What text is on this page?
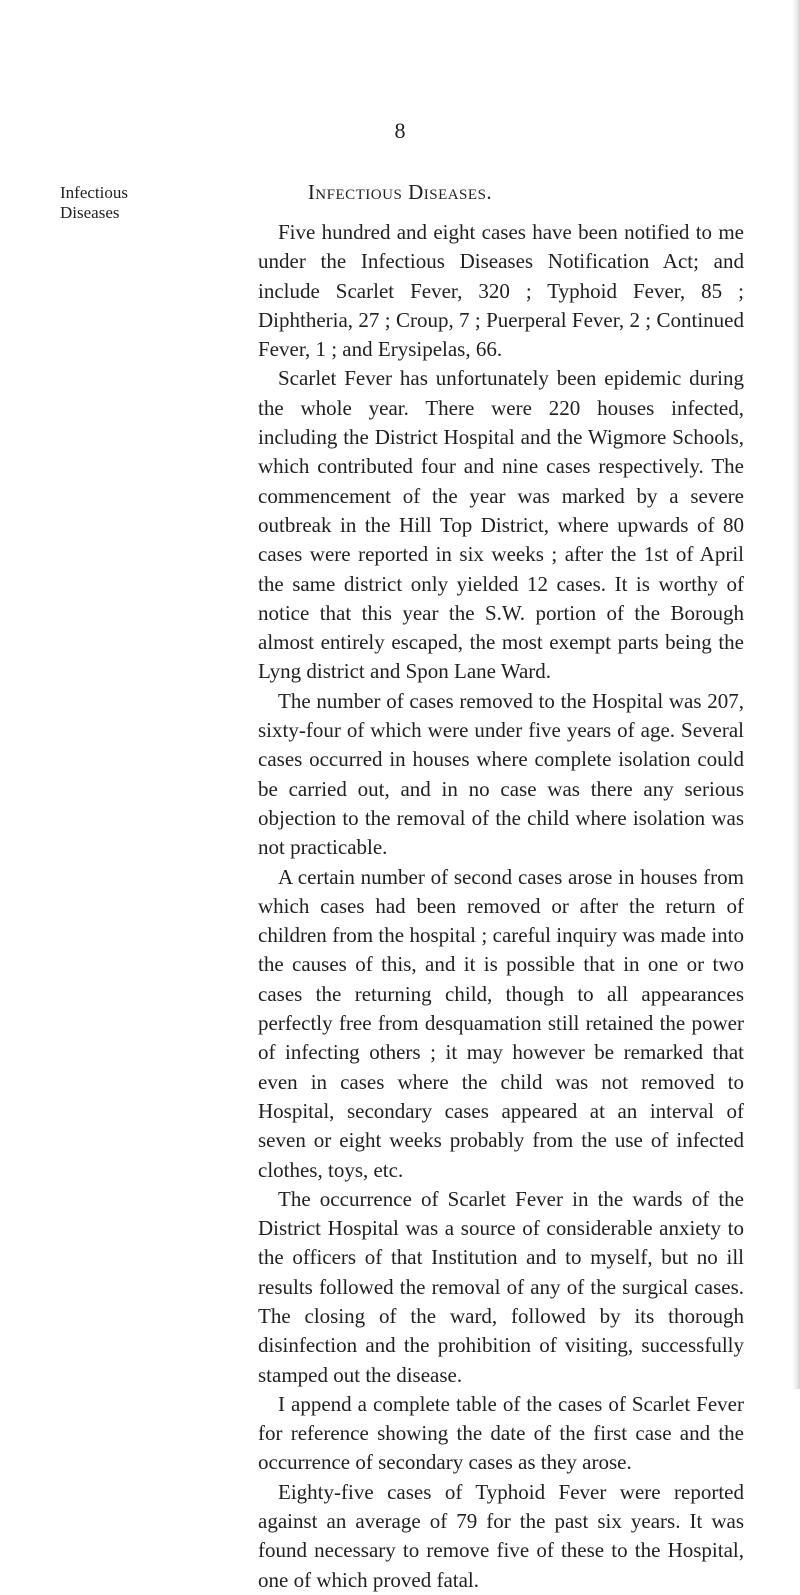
8
Infectious
Diseases
Infectious Diseases.

Five hundred and eight cases have been notified to me under the Infectious Diseases Notification Act; and include Scarlet Fever, 320 ; Typhoid Fever, 85 ; Diphtheria, 27 ; Croup, 7 ; Puerperal Fever, 2 ; Continued Fever, 1 ; and Erysipelas, 66.

Scarlet Fever has unfortunately been epidemic during the whole year. There were 220 houses infected, including the District Hospital and the Wigmore Schools, which contributed four and nine cases respectively. The commencement of the year was marked by a severe outbreak in the Hill Top District, where upwards of 80 cases were reported in six weeks ; after the 1st of April the same district only yielded 12 cases. It is worthy of notice that this year the S.W. portion of the Borough almost entirely escaped, the most exempt parts being the Lyng district and Spon Lane Ward.

The number of cases removed to the Hospital was 207, sixty-four of which were under five years of age. Several cases occurred in houses where complete isolation could be carried out, and in no case was there any serious objection to the removal of the child where isolation was not practicable.

A certain number of second cases arose in houses from which cases had been removed or after the return of children from the hospital ; careful inquiry was made into the causes of this, and it is possible that in one or two cases the returning child, though to all appearances perfectly free from desquamation still retained the power of infecting others ; it may however be remarked that even in cases where the child was not removed to Hospital, secondary cases appeared at an interval of seven or eight weeks probably from the use of infected clothes, toys, etc.

The occurrence of Scarlet Fever in the wards of the District Hospital was a source of considerable anxiety to the officers of that Institution and to myself, but no ill results followed the removal of any of the surgical cases. The closing of the ward, followed by its thorough disinfection and the prohibition of visiting, successfully stamped out the disease.

I append a complete table of the cases of Scarlet Fever for reference showing the date of the first case and the occurrence of secondary cases as they arose.

Eighty-five cases of Typhoid Fever were reported against an average of 79 for the past six years. It was found necessary to remove five of these to the Hospital, one of which proved fatal.
